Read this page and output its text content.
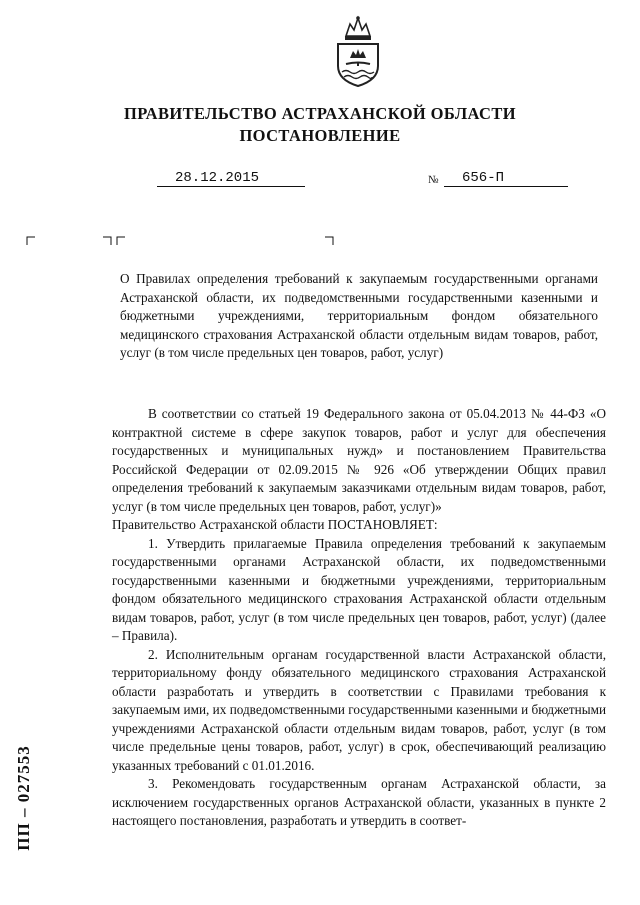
ПРАВИТЕЛЬСТВО АСТРАХАНСКОЙ ОБЛАСТИ
ПОСТАНОВЛЕНИЕ
28.12.2015	№	656-П
О Правилах определения требований к закупаемым государственными органами Астраханской области, их подведомственными государственными казенными и бюджетными учреждениями, территориальным фондом обязательного медицинского страхования Астраханской области отдельным видам товаров, работ, услуг (в том числе предельных цен товаров, работ, услуг)

В соответствии со статьей 19 Федерального закона от 05.04.2013 № 44-ФЗ «О контрактной системе в сфере закупок товаров, работ и услуг для обеспечения государственных и муниципальных нужд» и постановлением Правительства Российской Федерации от 02.09.2015 № 926 «Об утверждении Общих правил определения требований к закупаемым заказчиками отдельным видам товаров, работ, услуг (в том числе предельных цен товаров, работ, услуг)»

Правительство Астраханской области ПОСТАНОВЛЯЕТ:

1. Утвердить прилагаемые Правила определения требований к закупаемым государственными органами Астраханской области, их подведомственными государственными казенными и бюджетными учреждениями, территориальным фондом обязательного медицинского страхования Астраханской области отдельным видам товаров, работ, услуг (в том числе предельных цен товаров, работ, услуг) (далее – Правила).

2. Исполнительным органам государственной власти Астраханской области, территориальному фонду обязательного медицинского страхования Астраханской области разработать и утвердить в соответствии с Правилами требования к закупаемым ими, их подведомственными государственными казенными и бюджетными учреждениями Астраханской области отдельным видам товаров, работ, услуг (в том числе предельные цены товаров, работ, услуг) в срок, обеспечивающий реализацию указанных требований с 01.01.2016.

3. Рекомендовать государственным органам Астраханской области, за исключением государственных органов Астраханской области, указанных в пункте 2 настоящего постановления, разработать и утвердить в соответ-

ПП – 027553
